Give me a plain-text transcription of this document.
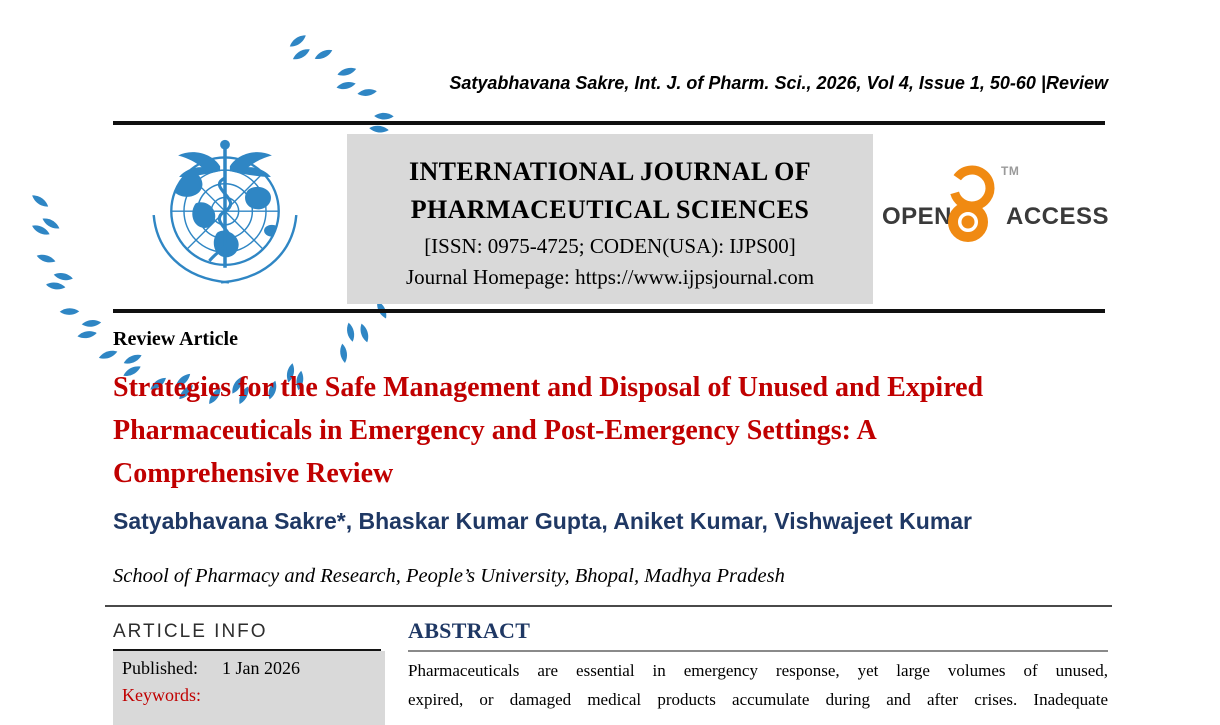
Satyabhavana Sakre, Int. J. of Pharm. Sci., 2026, Vol 4, Issue 1, 50-60 |Review
INTERNATIONAL JOURNAL OF
PHARMACEUTICAL SCIENCES
[ISSN: 0975-4725; CODEN(USA): IJPS00]
Journal Homepage: https://www.ijpsjournal.com
OPEN
TM
ACCESS
Review Article
Strategies for the Safe Management and Disposal of Unused and Expired
Pharmaceuticals in Emergency and Post-Emergency Settings: A
Comprehensive Review
Satyabhavana Sakre*, Bhaskar Kumar Gupta, Aniket Kumar, Vishwajeet Kumar
School of Pharmacy and Research, People’s University, Bhopal, Madhya Pradesh
ARTICLE INFO
Published: 1 Jan 2026
Keywords:
ABSTRACT
Pharmaceuticals are essential in emergency response, yet large volumes of unused,
expired, or damaged medical products accumulate during and after crises. Inadequate
